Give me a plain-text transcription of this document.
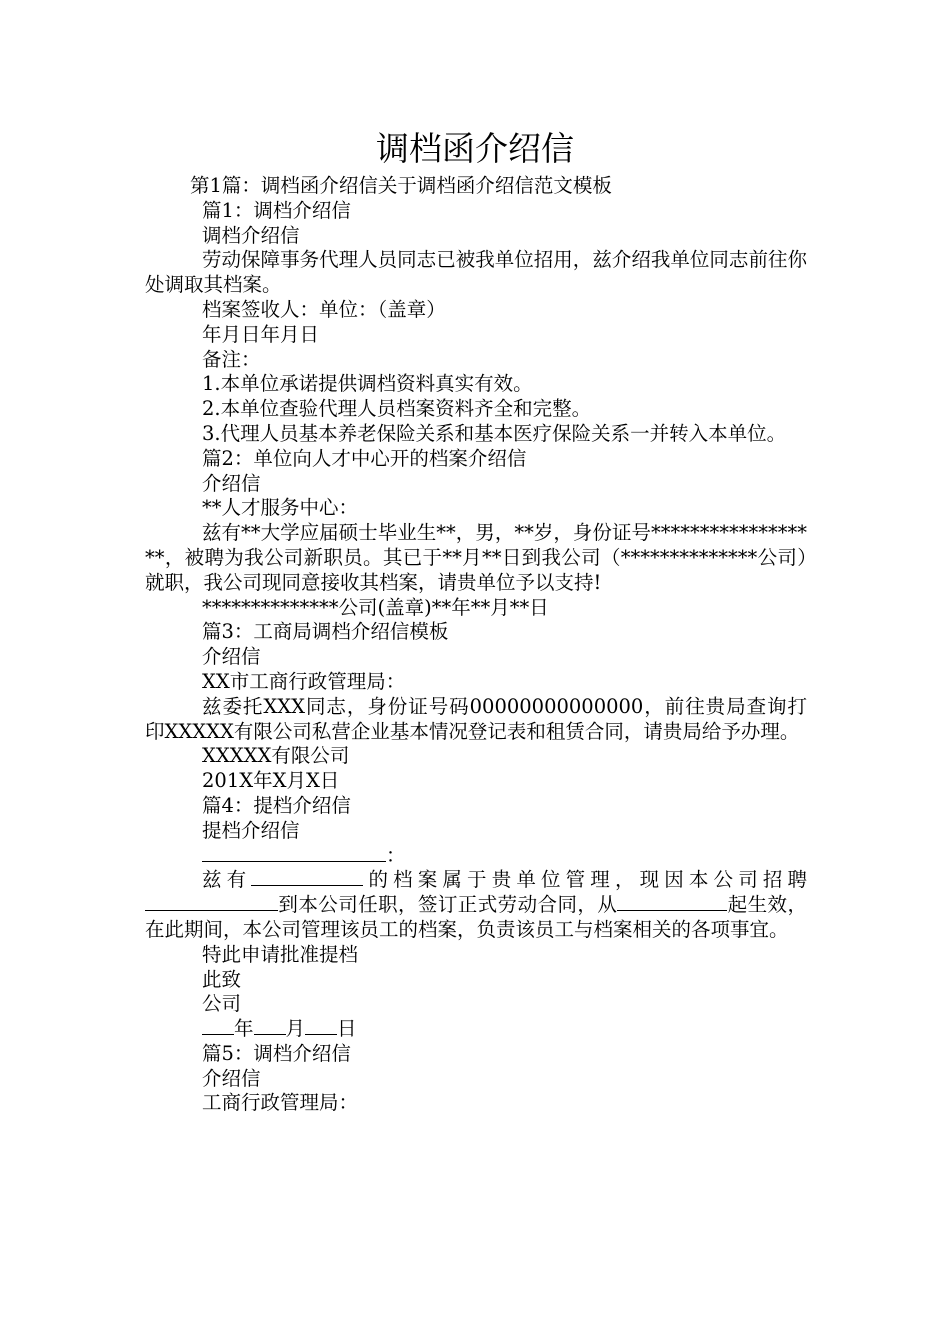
调档函介绍信

第1篇：调档函介绍信关于调档函介绍信范文模板

篇1：调档介绍信

调档介绍信

劳动保障事务代理人员同志已被我单位招用，兹介绍我单位同志前往你处调取其档案。

档案签收人：单位：（盖章）

年月日年月日

备注：

1.本单位承诺提供调档资料真实有效。

2.本单位查验代理人员档案资料齐全和完整。

3.代理人员基本养老保险关系和基本医疗保险关系一并转入本单位。

篇2：单位向人才中心开的档案介绍信

介绍信

**人才服务中心：

兹有**大学应届硕士毕业生**，男，**岁，身份证号******************，被聘为我公司新职员。其已于**月**日到我公司（**************公司）就职，我公司现同意接收其档案，请贵单位予以支持!

**************公司(盖章)**年**月**日

篇3：工商局调档介绍信模板

介绍信

XX市工商行政管理局：

兹委托XXX同志，身份证号码00000000000000，前往贵局查询打印XXXXX有限公司私营企业基本情况登记表和租赁合同，请贵局给予办理。

XXXXX有限公司

201X年X月X日

篇4：提档介绍信

提档介绍信

：

兹有	的档案属于贵单位管理，现因本公司招聘到本公司任职，签订正式劳动合同，从	起生效，在此期间，本公司管理该员工的档案，负责该员工与档案相关的各项事宜。

特此申请批准提档

此致

公司

年 月 日

篇5：调档介绍信

介绍信

工商行政管理局：
